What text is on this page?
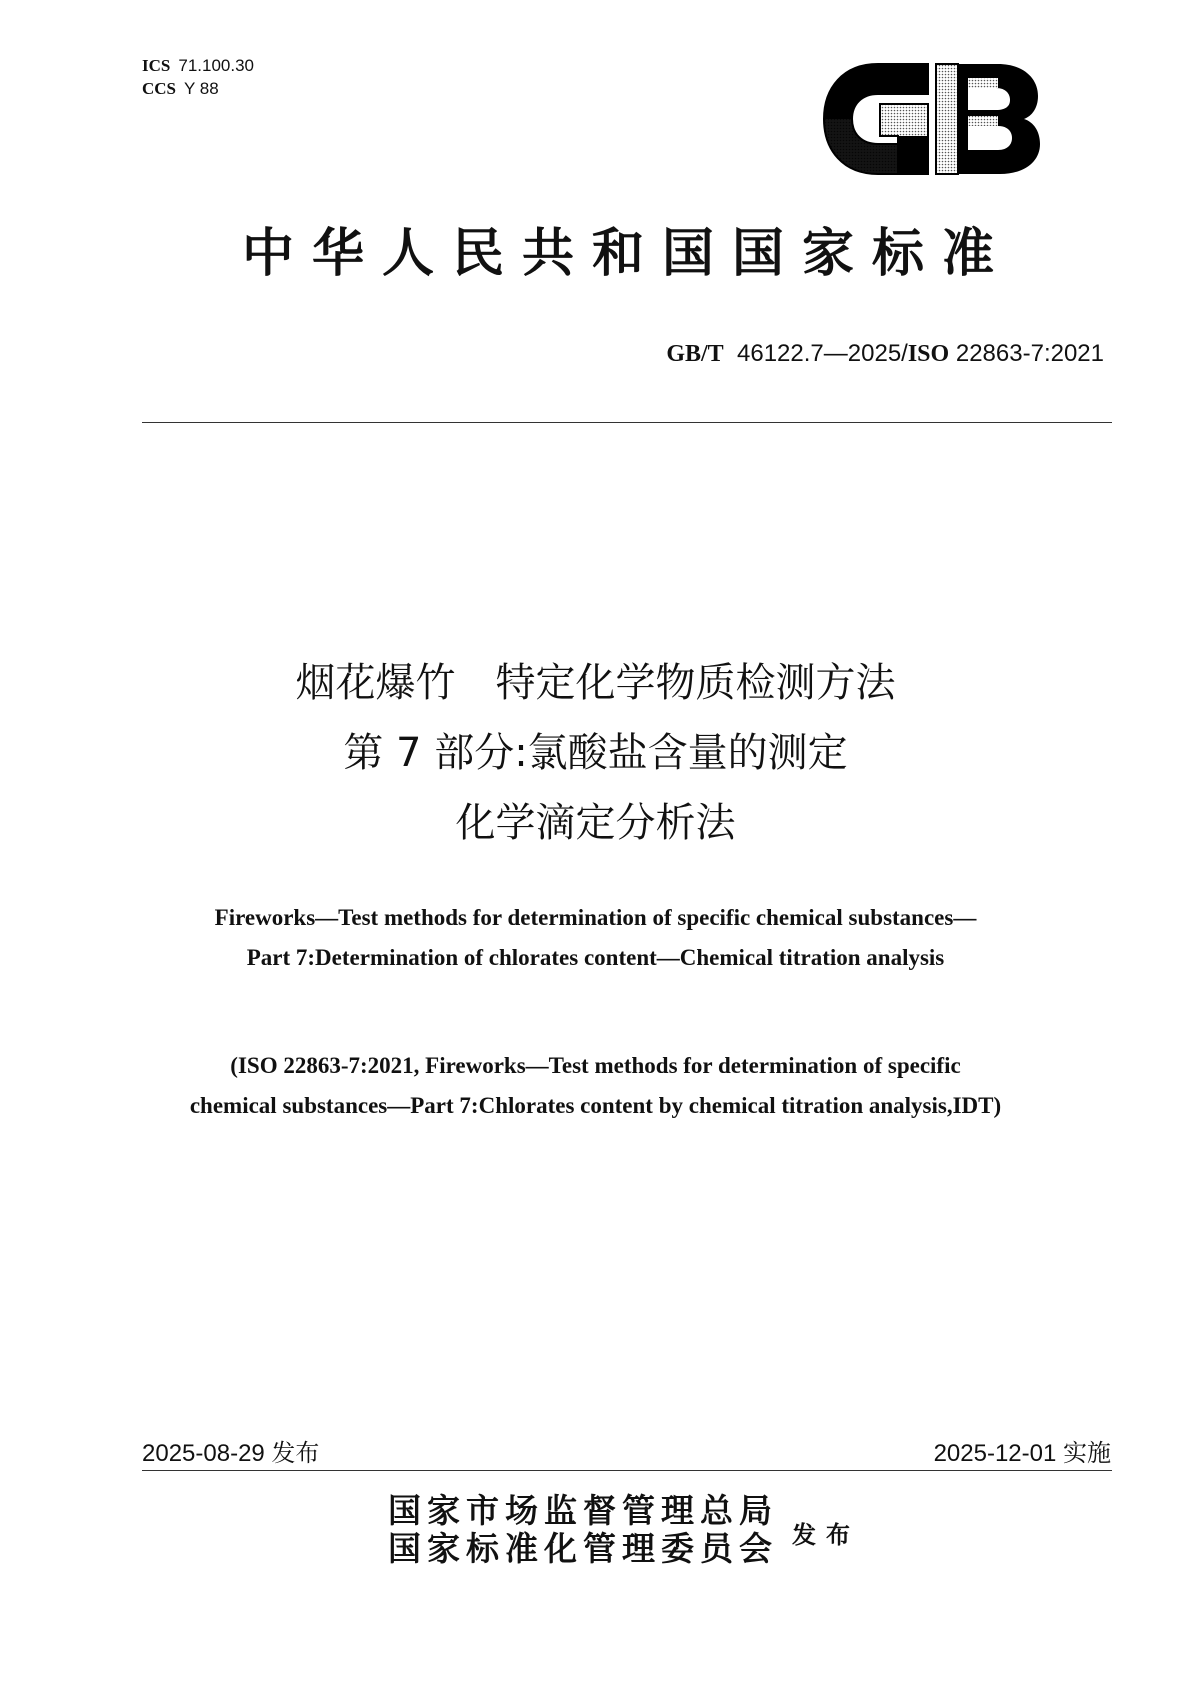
ICS 71.100.30
CCS Y 88
中华人民共和国国家标准
GB/T 46122.7—2025/ISO 22863-7:2021
烟花爆竹　特定化学物质检测方法
第 7 部分:氯酸盐含量的测定
化学滴定分析法
Fireworks—Test methods for determination of specific chemical substances—
Part 7:Determination of chlorates content—Chemical titration analysis
(ISO 22863-7:2021, Fireworks—Test methods for determination of specific
chemical substances—Part 7:Chlorates content by chemical titration analysis,IDT)
2025-08-29 发布	2025-12-01 实施
国家市场监督管理总局
国家标准化管理委员会 发布
